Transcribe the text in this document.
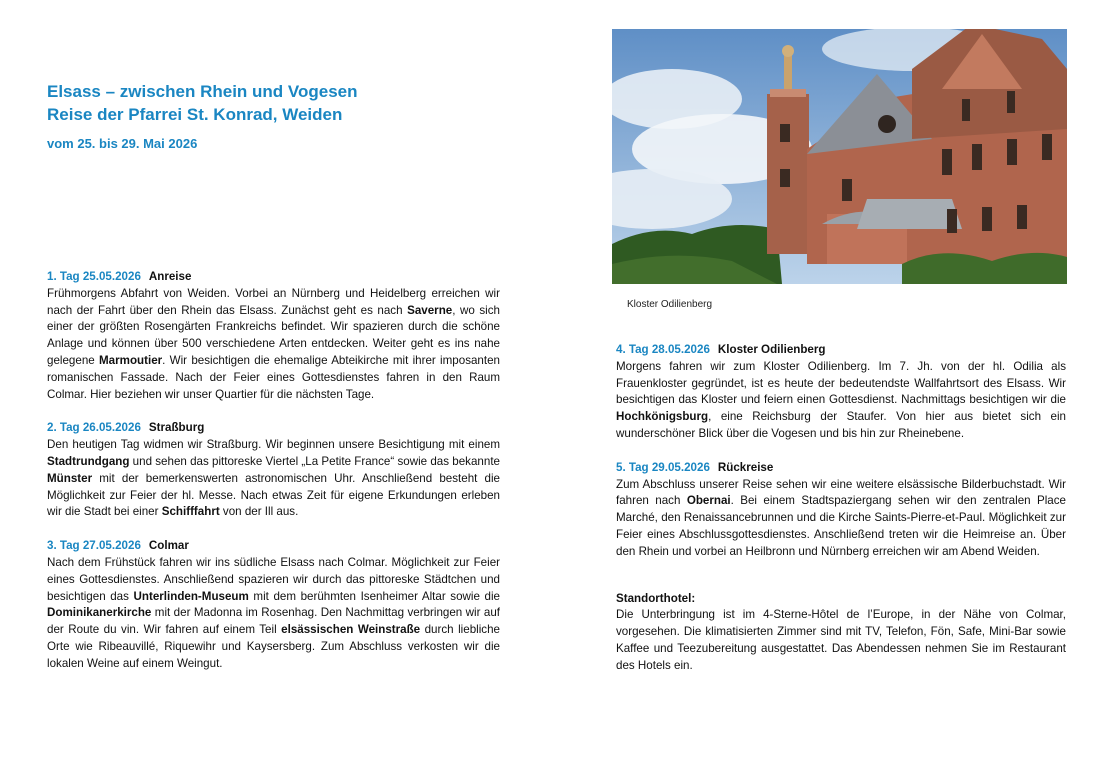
Elsass – zwischen Rhein und Vogesen
Reise der Pfarrei St. Konrad, Weiden
vom 25. bis 29. Mai 2026
Kloster Odilienberg
1. Tag 25.05.2026 Anreise
Frühmorgens Abfahrt von Weiden. Vorbei an Nürnberg und Heidelberg erreichen wir nach der Fahrt über den Rhein das Elsass. Zunächst geht es nach Saverne, wo sich einer der größten Rosengärten Frankreichs befindet. Wir spazieren durch die schöne Anlage und können über 500 verschiedene Arten entdecken. Weiter geht es ins nahe gelegene Marmoutier. Wir besichtigen die ehemalige Abteikirche mit ihrer imposanten romanischen Fassade. Nach der Feier eines Gottesdienstes fahren in den Raum Colmar. Hier beziehen wir unser Quartier für die nächsten Tage.
2. Tag 26.05.2026 Straßburg
Den heutigen Tag widmen wir Straßburg. Wir beginnen unsere Besichtigung mit einem Stadtrundgang und sehen das pittoreske Viertel „La Petite France“ sowie das bekannte Münster mit der bemerkenswerten astronomischen Uhr. Anschließend besteht die Möglichkeit zur Feier der hl. Messe. Nach etwas Zeit für eigene Erkundungen erleben wir die Stadt bei einer Schifffahrt von der Ill aus.
3. Tag 27.05.2026 Colmar
Nach dem Frühstück fahren wir ins südliche Elsass nach Colmar. Möglichkeit zur Feier eines Gottesdienstes. Anschließend spazieren wir durch das pittoreske Städtchen und besichtigen das Unterlinden-Museum mit dem berühmten Isenheimer Altar sowie die Dominikanerkirche mit der Madonna im Rosenhag. Den Nachmittag verbringen wir auf der Route du vin. Wir fahren auf einem Teil elsässischen Weinstraße durch liebliche Orte wie Ribeauvillé, Riquewihr und Kaysersberg. Zum Abschluss verkosten wir die lokalen Weine auf einem Weingut.
4. Tag 28.05.2026 Kloster Odilienberg
Morgens fahren wir zum Kloster Odilienberg. Im 7. Jh. von der hl. Odilia als Frauenkloster gegründet, ist es heute der bedeutendste Wallfahrtsort des Elsass. Wir besichtigen das Kloster und feiern einen Gottesdienst. Nachmittags besichtigen wir die Hochkönigsburg, eine Reichsburg der Staufer. Von hier aus bietet sich ein wunderschöner Blick über die Vogesen und bis hin zur Rheinebene.
5. Tag 29.05.2026 Rückreise
Zum Abschluss unserer Reise sehen wir eine weitere elsässische Bilderbuchstadt. Wir fahren nach Obernai. Bei einem Stadtspaziergang sehen wir den zentralen Place Marché, den Renaissancebrunnen und die Kirche Saints-Pierre-et-Paul. Möglichkeit zur Feier eines Abschlussgottesdienstes. Anschließend treten wir die Heimreise an. Über den Rhein und vorbei an Heilbronn und Nürnberg erreichen wir am Abend Weiden.
Standorthotel:
Die Unterbringung ist im 4-Sterne-Hôtel de l’Europe, in der Nähe von Colmar, vorgesehen. Die klimatisierten Zimmer sind mit TV, Telefon, Fön, Safe, Mini-Bar sowie Kaffee und Teezubereitung ausgestattet. Das Abendessen nehmen Sie im Restaurant des Hotels ein.
